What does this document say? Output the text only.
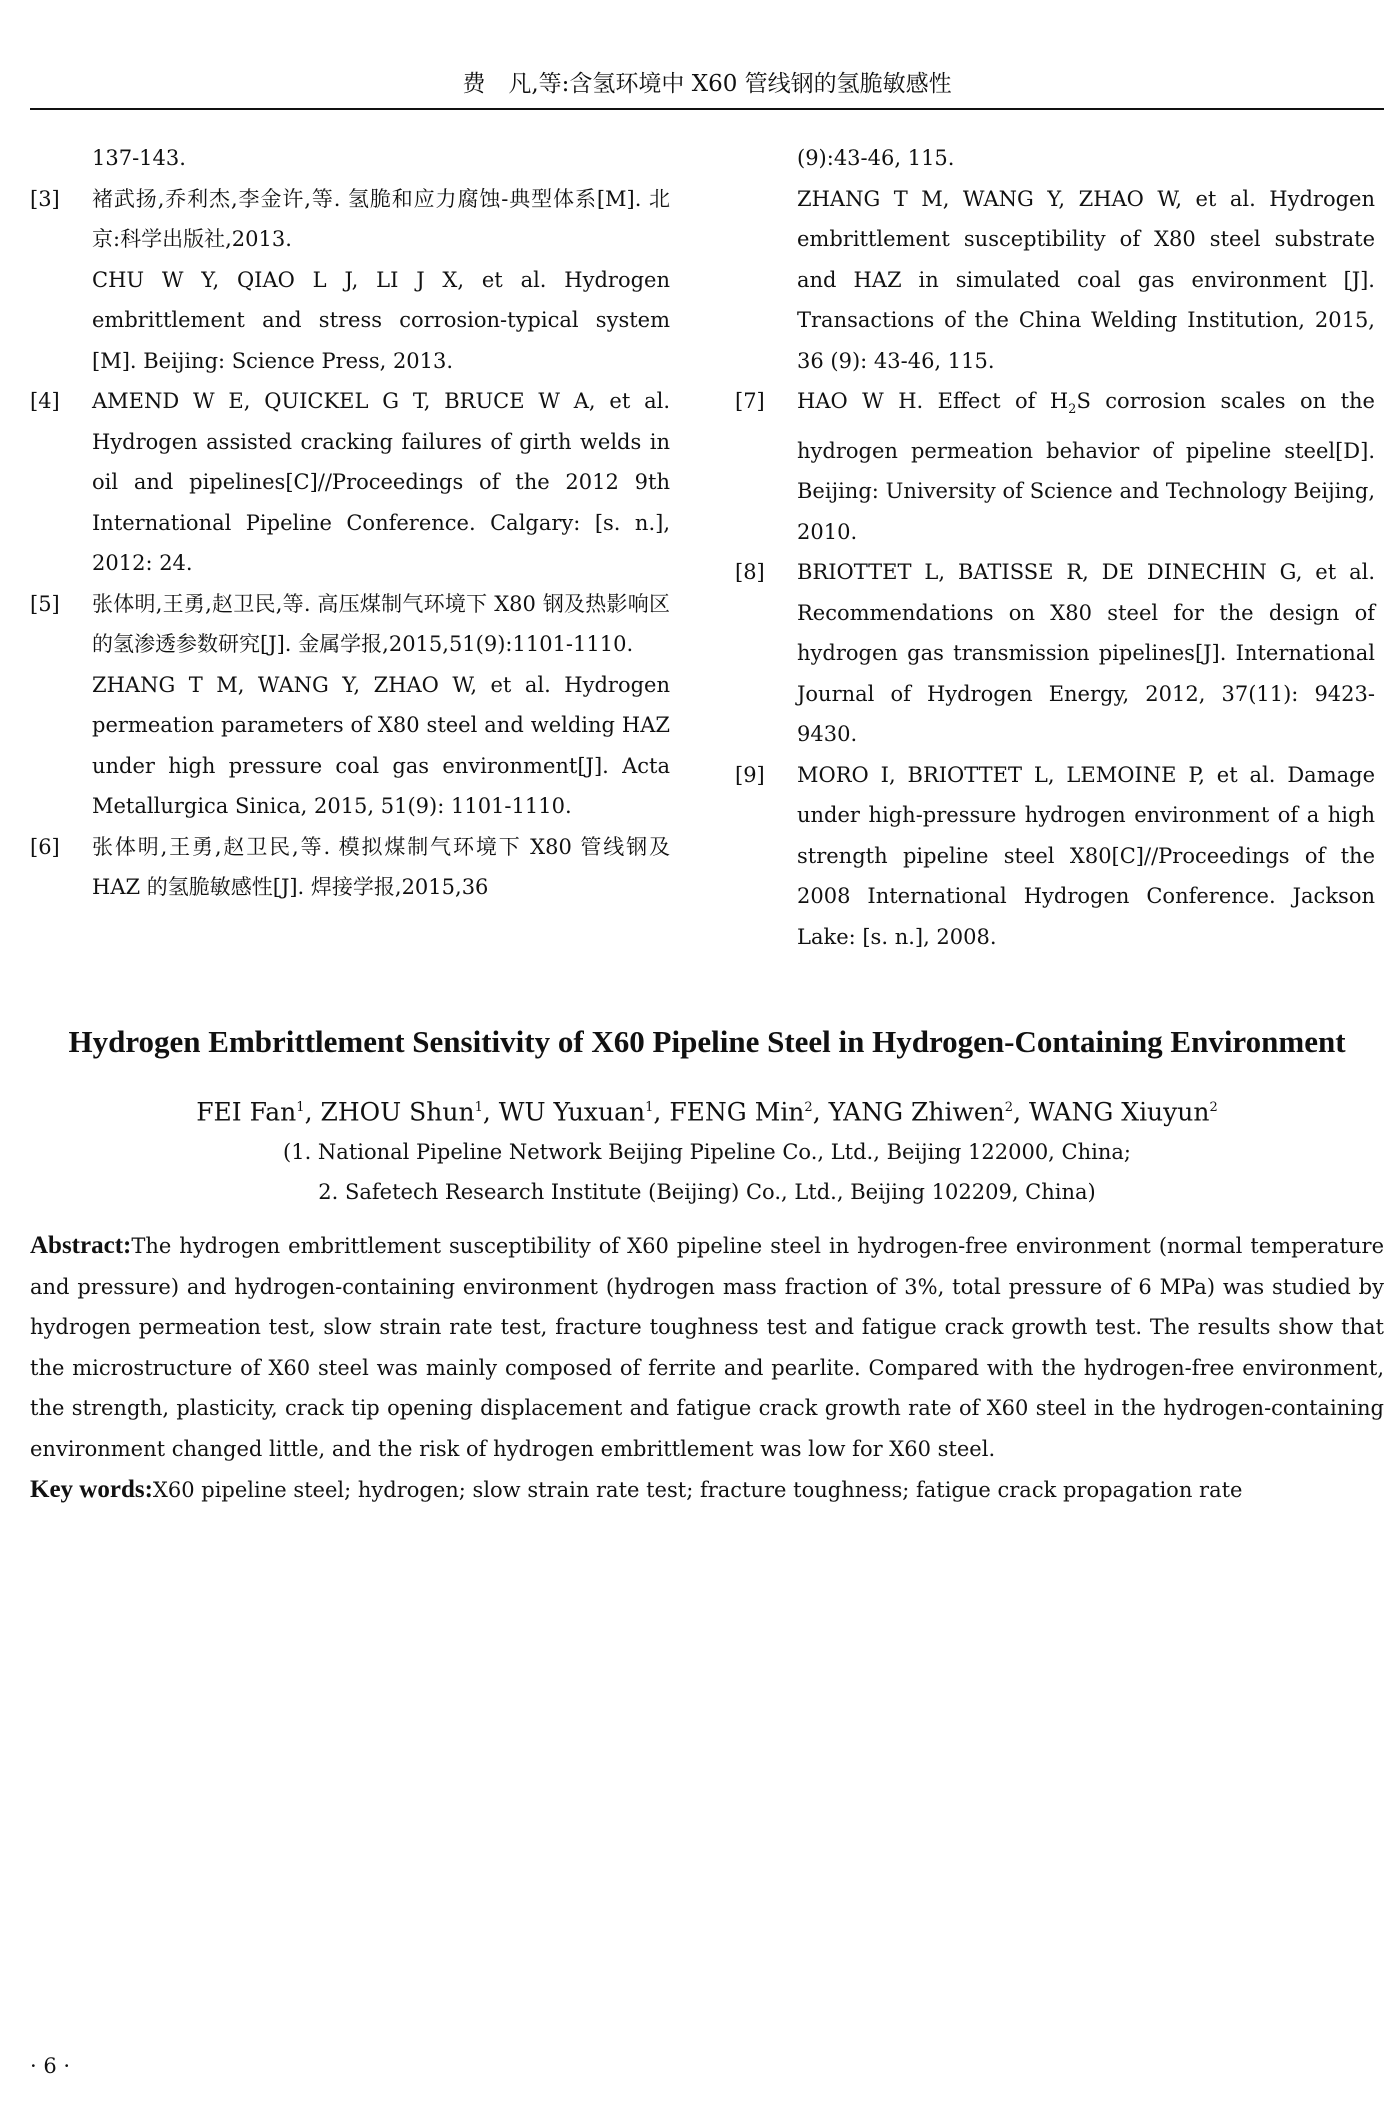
费　凡,等:含氢环境中 X60 管线钢的氢脆敏感性
137-143.
[3] 褚武扬,乔利杰,李金许,等. 氢脆和应力腐蚀-典型体系[M]. 北京:科学出版社,2013.

CHU W Y, QIAO L J, LI J X, et al. Hydrogen embrittlement and stress corrosion-typical system [M]. Beijing: Science Press, 2013.

[4] AMEND W E, QUICKEL G T, BRUCE W A, et al. Hydrogen assisted cracking failures of girth welds in oil and pipelines[C]//Proceedings of the 2012 9th International Pipeline Conference. Calgary: [s. n.], 2012: 24.

[5] 张体明,王勇,赵卫民,等. 高压煤制气环境下 X80 钢及热影响区的氢渗透参数研究[J]. 金属学报,2015,51(9):1101-1110.

ZHANG T M, WANG Y, ZHAO W, et al. Hydrogen permeation parameters of X80 steel and welding HAZ under high pressure coal gas environment[J]. Acta Metallurgica Sinica, 2015, 51(9): 1101-1110.

[6] 张体明,王勇,赵卫民,等. 模拟煤制气环境下 X80 管线钢及 HAZ 的氢脆敏感性[J]. 焊接学报,2015,36

(9):43-46, 115.
ZHANG T M, WANG Y, ZHAO W, et al. Hydrogen embrittlement susceptibility of X80 steel substrate and HAZ in simulated coal gas environment [J]. Transactions of the China Welding Institution, 2015, 36 (9): 43-46, 115.
[7] HAO W H. Effect of $H_2S$ corrosion scales on the hydrogen permeation behavior of pipeline steel[D]. Beijing: University of Science and Technology Beijing, 2010.

[8] BRIOTTET L, BATISSE R, DE DINECHIN G, et al. Recommendations on X80 steel for the design of hydrogen gas transmission pipelines[J]. International Journal of Hydrogen Energy, 2012, 37(11): 9423-9430.

[9] MORO I, BRIOTTET L, LEMOINE P, et al. Damage under high-pressure hydrogen environment of a high strength pipeline steel X80[C]//Proceedings of the 2008 International Hydrogen Conference. Jackson Lake: [s. n.], 2008.

Hydrogen Embrittlement Sensitivity of X60 Pipeline Steel in Hydrogen-Containing Environment
FEI Fan$^1$, ZHOU Shun$^1$, WU Yuxuan$^1$, FENG Min$^2$, YANG Zhiwen$^2$, WANG Xiuyun$^2$
(1. National Pipeline Network Beijing Pipeline Co., Ltd., Beijing 122000, China;
2. Safetech Research Institute (Beijing) Co., Ltd., Beijing 102209, China)
Abstract:The hydrogen embrittlement susceptibility of X60 pipeline steel in hydrogen-free environment (normal temperature and pressure) and hydrogen-containing environment (hydrogen mass fraction of 3%, total pressure of 6 MPa) was studied by hydrogen permeation test, slow strain rate test, fracture toughness test and fatigue crack growth test. The results show that the microstructure of X60 steel was mainly composed of ferrite and pearlite. Compared with the hydrogen-free environment, the strength, plasticity, crack tip opening displacement and fatigue crack growth rate of X60 steel in the hydrogen-containing environment changed little, and the risk of hydrogen embrittlement was low for X60 steel.
Key words:X60 pipeline steel; hydrogen; slow strain rate test; fracture toughness; fatigue crack propagation rate
· 6 ·
